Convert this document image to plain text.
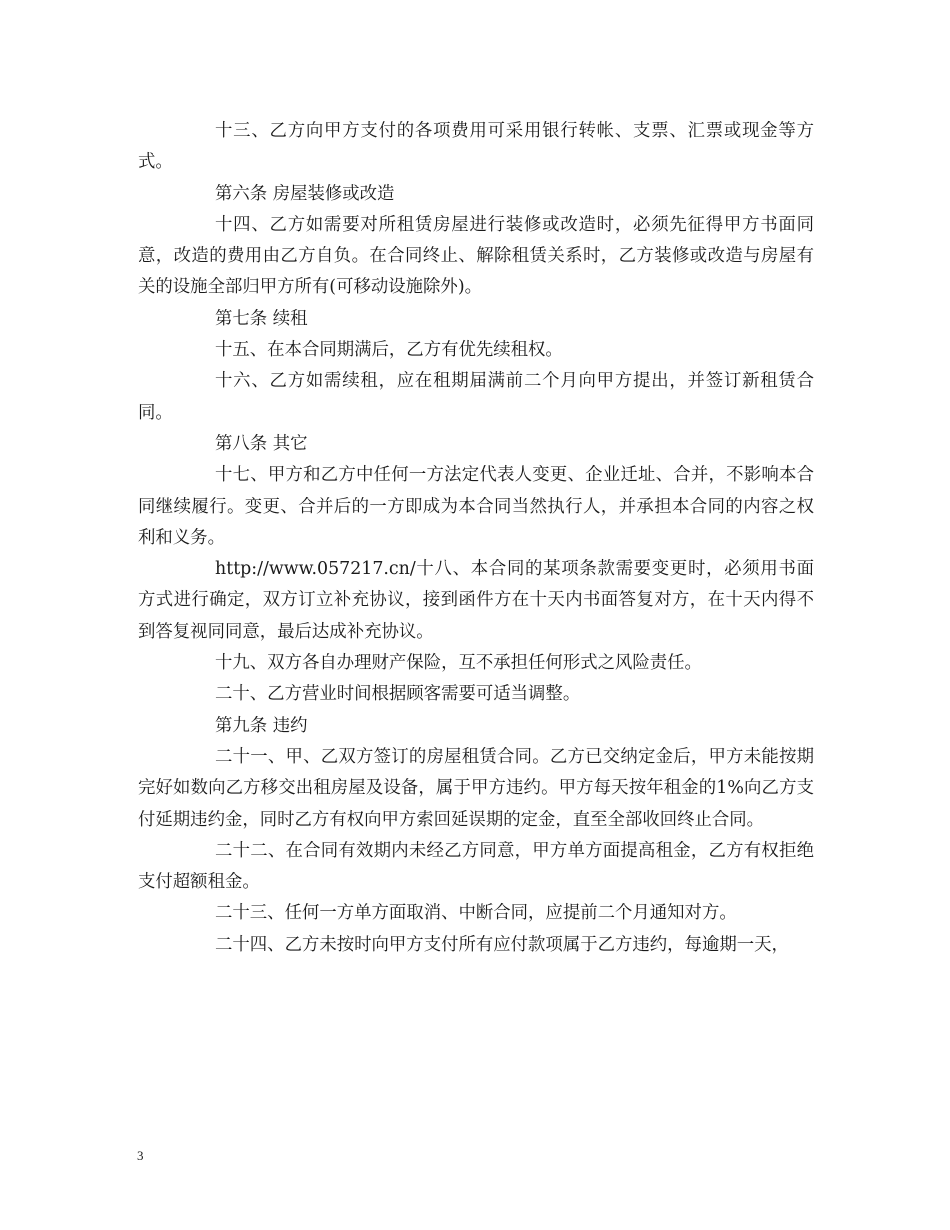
十三、乙方向甲方支付的各项费用可采用银行转帐、支票、汇票或现金等方式。

第六条 房屋装修或改造

十四、乙方如需要对所租赁房屋进行装修或改造时，必须先征得甲方书面同意，改造的费用由乙方自负。在合同终止、解除租赁关系时，乙方装修或改造与房屋有关的设施全部归甲方所有(可移动设施除外)。

第七条 续租

十五、在本合同期满后，乙方有优先续租权。

十六、乙方如需续租，应在租期届满前二个月向甲方提出，并签订新租赁合同。

第八条 其它

十七、甲方和乙方中任何一方法定代表人变更、企业迁址、合并，不影响本合同继续履行。变更、合并后的一方即成为本合同当然执行人，并承担本合同的内容之权利和义务。

http://www.057217.cn/十八、本合同的某项条款需要变更时，必须用书面方式进行确定，双方订立补充协议，接到函件方在十天内书面答复对方，在十天内得不到答复视同同意，最后达成补充协议。

十九、双方各自办理财产保险，互不承担任何形式之风险责任。

二十、乙方营业时间根据顾客需要可适当调整。

第九条 违约

二十一、甲、乙双方签订的房屋租赁合同。乙方已交纳定金后，甲方未能按期完好如数向乙方移交出租房屋及设备，属于甲方违约。甲方每天按年租金的1%向乙方支付延期违约金，同时乙方有权向甲方索回延误期的定金，直至全部收回终止合同。

二十二、在合同有效期内未经乙方同意，甲方单方面提高租金，乙方有权拒绝支付超额租金。

二十三、任何一方单方面取消、中断合同，应提前二个月通知对方。

二十四、乙方未按时向甲方支付所有应付款项属于乙方违约，每逾期一天，

3
